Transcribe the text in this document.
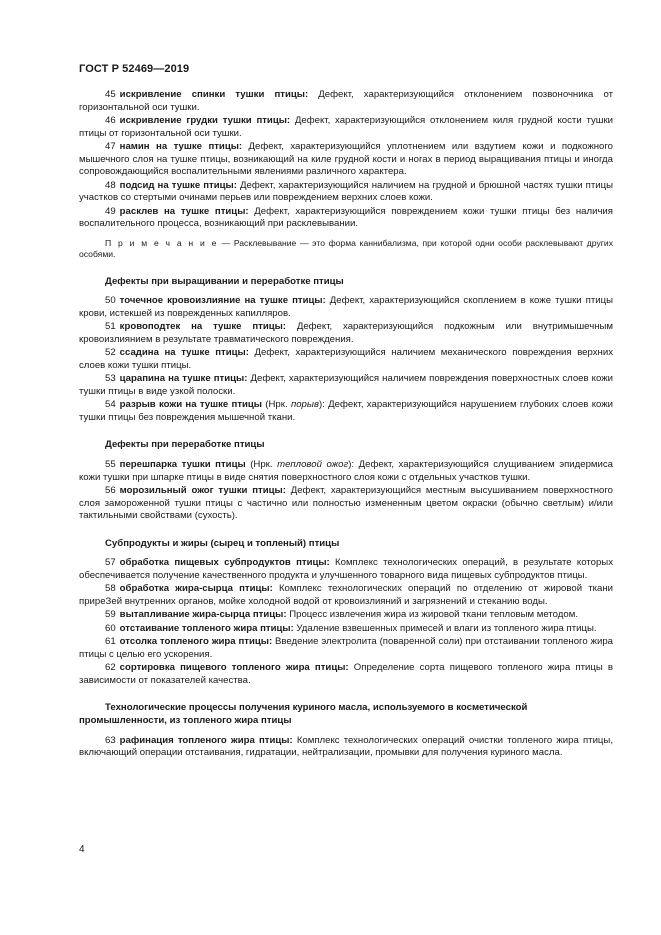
ГОСТ Р 52469—2019

45 искривление спинки тушки птицы: Дефект, характеризующийся отклонением позвоночника от горизонтальной оси тушки.

46 искривление грудки тушки птицы: Дефект, характеризующийся отклонением киля грудной кости тушки птицы от горизонтальной оси тушки.

47 намин на тушке птицы: Дефект, характеризующийся уплотнением или вздутием кожи и подкожного мышечного слоя на тушке птицы, возникающий на киле грудной кости и ногах в период выращивания птицы и иногда сопровождающийся воспалительными явлениями различного характера.

48 подсид на тушке птицы: Дефект, характеризующийся наличием на грудной и брюшной частях тушки птицы участков со стертыми очинами перьев или повреждением верхних слоев кожи.

49 расклев на тушке птицы: Дефект, характеризующийся повреждением кожи тушки птицы без наличия воспалительного процесса, возникающий при расклевывании.

П р и м е ч а н и е — Расклевывание — это форма каннибализма, при которой одни особи расклевывают других особями.

Дефекты при выращивании и переработке птицы

50 точечное кровоизлияние на тушке птицы: Дефект, характеризующийся скоплением в коже тушки птицы крови, истекшей из поврежденных капилляров.

51 кровоподтек на тушке птицы: Дефект, характеризующийся подкожным или внутримышечным кровоизлиянием в результате травматического повреждения.

52 ссадина на тушке птицы: Дефект, характеризующийся наличием механического повреждения верхних слоев кожи тушки птицы.

53 царапина на тушке птицы: Дефект, характеризующийся наличием повреждения поверхностных слоев кожи тушки птицы в виде узкой полоски.

54 разрыв кожи на тушке птицы (Нрк. порыв): Дефект, характеризующийся нарушением глубоких слоев кожи тушки птицы без повреждения мышечной ткани.

Дефекты при переработке птицы

55 перешпарка тушки птицы (Нрк. тепловой ожог): Дефект, характеризующийся слущиванием эпидермиса кожи тушки при шпарке птицы в виде снятия поверхностного слоя кожи с отдельных участков тушки.

56 морозильный ожог тушки птицы: Дефект, характеризующийся местным высушиванием поверхностного слоя замороженной тушки птицы с частично или полностью измененным цветом окраски (обычно светлым) и/или тактильными свойствами (сухость).

Субпродукты и жиры (сырец и топленый) птицы

57 обработка пищевых субпродуктов птицы: Комплекс технологических операций, в результате которых обеспечивается получение качественного продукта и улучшенного товарного вида пищевых субпродуктов птицы.

58 обработка жира-сырца птицы: Комплекс технологических операций по отделению от жировой ткани приреЗей внутренних органов, мойке холодной водой от кровоизлияний и загрязнений и стеканию воды.

59 вытапливание жира-сырца птицы: Процесс извлечения жира из жировой ткани тепловым методом.

60 отстаивание топленого жира птицы: Удаление взвешенных примесей и влаги из топленого жира птицы.

61 отсолка топленого жира птицы: Введение электролита (поваренной соли) при отстаивании топленого жира птицы с целью его ускорения.

62 сортировка пищевого топленого жира птицы: Определение сорта пищевого топленого жира птицы в зависимости от показателей качества.

Технологические процессы получения куриного масла, используемого в косметической промышленности, из топленого жира птицы

63 рафинация топленого жира птицы: Комплекс технологических операций очистки топленого жира птицы, включающий операции отстаивания, гидратации, нейтрализации, промывки для получения куриного масла.

4
